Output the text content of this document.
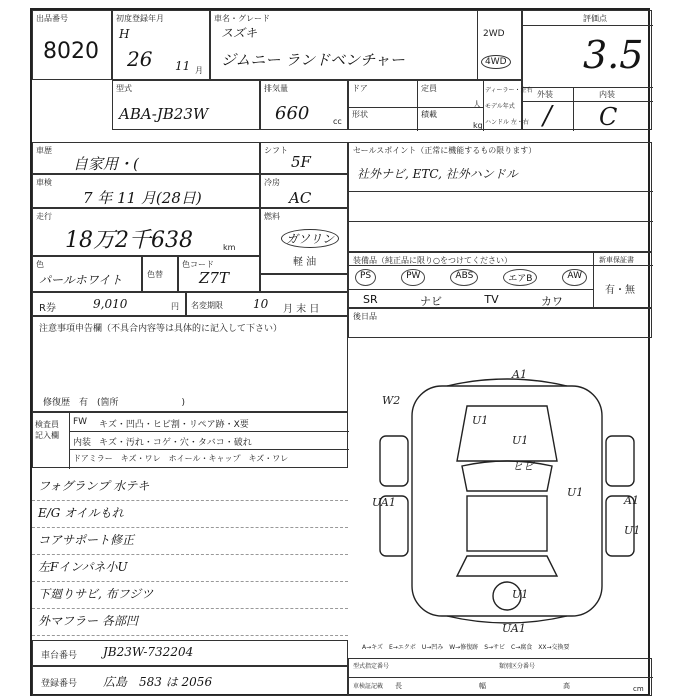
出品番号
8020
初度登録年月
H
26 11 月
車名・グレード
スズキ
ジムニー ランドベンチャー
2WD
4WD
評価点
3.5
外装	内装
/ C
型式
ABA-JB23W
排気量
660	cc
ドア	定員
人
形状	積載
kg
ディーラー・左右
モデル年式
ハンドル 左・右
車歴
自家用・(
シフト
5F
車検
7 年 11 月(28日)
冷房
AC
走行
18万2千638	km
燃料
ガソリン
軽 油
色
パールホワイト	色替
色コード
Z7T
R券	9,010	円 名変期限	10 月 末 日
セールスポイント（正常に機能するもの限ります）
社外ナビ, ETC, 社外ハンドル
装備品（純正品に限り○をつけてください）	新車保証書
PS	PW	ABS	エアB	AW
SR	ナビ	TV	カワ
有・無
後日品
注意事項申告欄（不具合内容等は具体的に記入して下さい）
修復歴　有　(箇所　　　　　　　)
検査員記入欄
FW キズ・凹凸・ヒビ割・リペア跡・X要
内装 キズ・汚れ・コゲ・穴・タバコ・破れ
ドアミラー　キズ・ワレ　ホイール・キャップ　キズ・ワレ
フォグランプ 水テキ
E/G オイルもれ
コアサポート修正
左Fインパネ小U
下廻りサビ, 布フジツ
外マフラー 各部凹
A1
W2
U1
U1
ヒビ
UA1
U1
A1
U1
U1
UA1
A→キズ　E→エクボ　U→凹み　W→修復跡　S→サビ　C→腐食　XX→交換要
車台番号 JB23W-732204
登録番号 広島　583 は 2056
型式指定番号	類別区分番号
車検証記載 長	幅	高	cm
